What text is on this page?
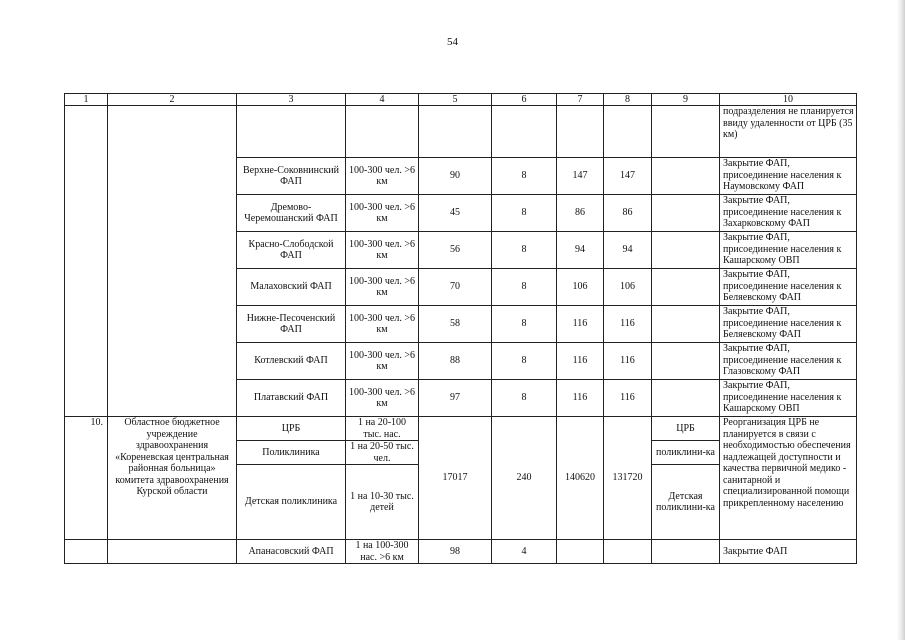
54
1	2	3	4	5	6	7	8	9	10
									подразделения не планируется ввиду удаленности от ЦРБ (35 км)
		Верхне-Соковнинский ФАП	100-300 чел. >6 км	90	8	147	147		Закрытие ФАП, присоединение населения к Наумовскому ФАП
		Дремово-Черемошанский ФАП	100-300 чел. >6 км	45	8	86	86		Закрытие ФАП, присоединение населения к Захарковскому ФАП
		Красно-Слободской ФАП	100-300 чел. >6 км	56	8	94	94		Закрытие ФАП, присоединение населения к Кашарскому ОВП
		Малаховский ФАП	100-300 чел. >6 км	70	8	106	106		Закрытие ФАП, присоединение населения к Беляевскому ФАП
		Нижне-Песоченский ФАП	100-300 чел. >6 км	58	8	116	116		Закрытие ФАП, присоединение населения к Беляевскому ФАП
		Котлевский ФАП	100-300 чел. >6 км	88	8	116	116		Закрытие ФАП, присоединение населения к Глазовскому ФАП
		Платавский ФАП	100-300 чел. >6 км	97	8	116	116		Закрытие ФАП, присоединение населения к Кашарскому ОВП
10.	Областное бюджетное учреждение здравоохранения «Кореневская центральная районная больница» комитета здравоохранения Курской области	ЦРБ	1 на 20-100 тыс. нас.	17017	240	140620	131720	ЦРБ	Реорганизация ЦРБ не планируется в связи с необходимостью обеспечения надлежащей доступности и качества первичной медико - санитарной и специализированной помощи прикрепленному населению
		Поликлиника	1 на 20-50 тыс. чел.					поликлини-ка	
		Детская поликлиника	1 на 10-30 тыс. детей					Детская поликлини-ка	
		Апанасовский ФАП	1 на 100-300 нас. >6 км	98	4				Закрытие ФАП
